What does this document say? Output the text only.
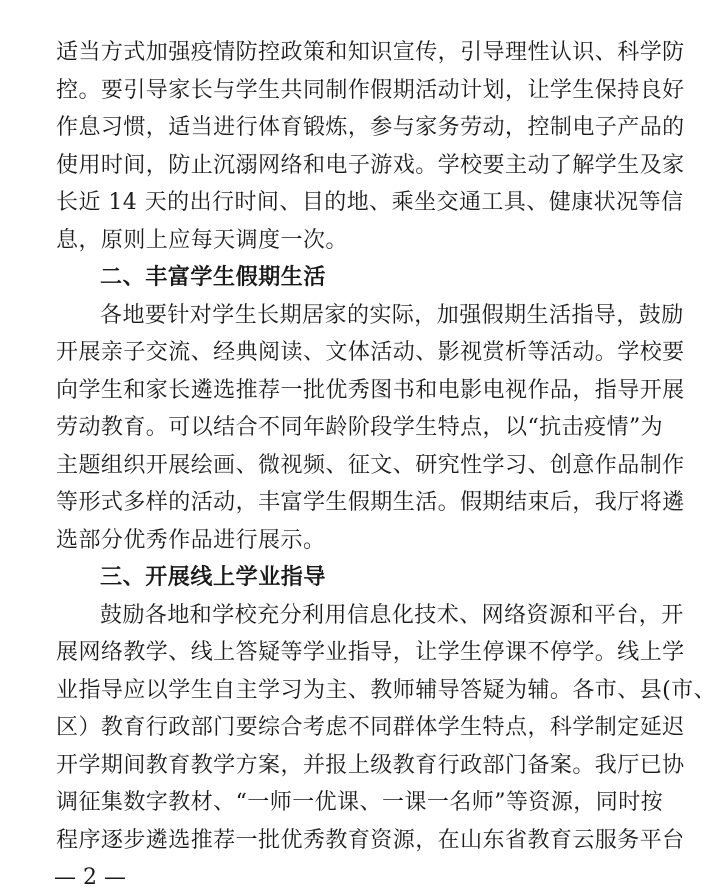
适当方式加强疫情防控政策和知识宣传，引导理性认识、科学防
控。要引导家长与学生共同制作假期活动计划，让学生保持良好
作息习惯，适当进行体育锻炼，参与家务劳动，控制电子产品的
使用时间，防止沉溺网络和电子游戏。学校要主动了解学生及家
长近 14 天的出行时间、目的地、乘坐交通工具、健康状况等信
息，原则上应每天调度一次。
二、丰富学生假期生活
各地要针对学生长期居家的实际，加强假期生活指导，鼓励
开展亲子交流、经典阅读、文体活动、影视赏析等活动。学校要
向学生和家长遴选推荐一批优秀图书和电影电视作品，指导开展
劳动教育。可以结合不同年龄阶段学生特点，以“抗击疫情”为
主题组织开展绘画、微视频、征文、研究性学习、创意作品制作
等形式多样的活动，丰富学生假期生活。假期结束后，我厅将遴
选部分优秀作品进行展示。
三、开展线上学业指导
鼓励各地和学校充分利用信息化技术、网络资源和平台，开
展网络教学、线上答疑等学业指导，让学生停课不停学。线上学
业指导应以学生自主学习为主、教师辅导答疑为辅。各市、县(市、
区）教育行政部门要综合考虑不同群体学生特点，科学制定延迟
开学期间教育教学方案，并报上级教育行政部门备案。我厅已协
调征集数字教材、“一师一优课、一课一名师”等资源，同时按
程序逐步遴选推荐一批优秀教育资源，在山东省教育云服务平台
— 2 —
